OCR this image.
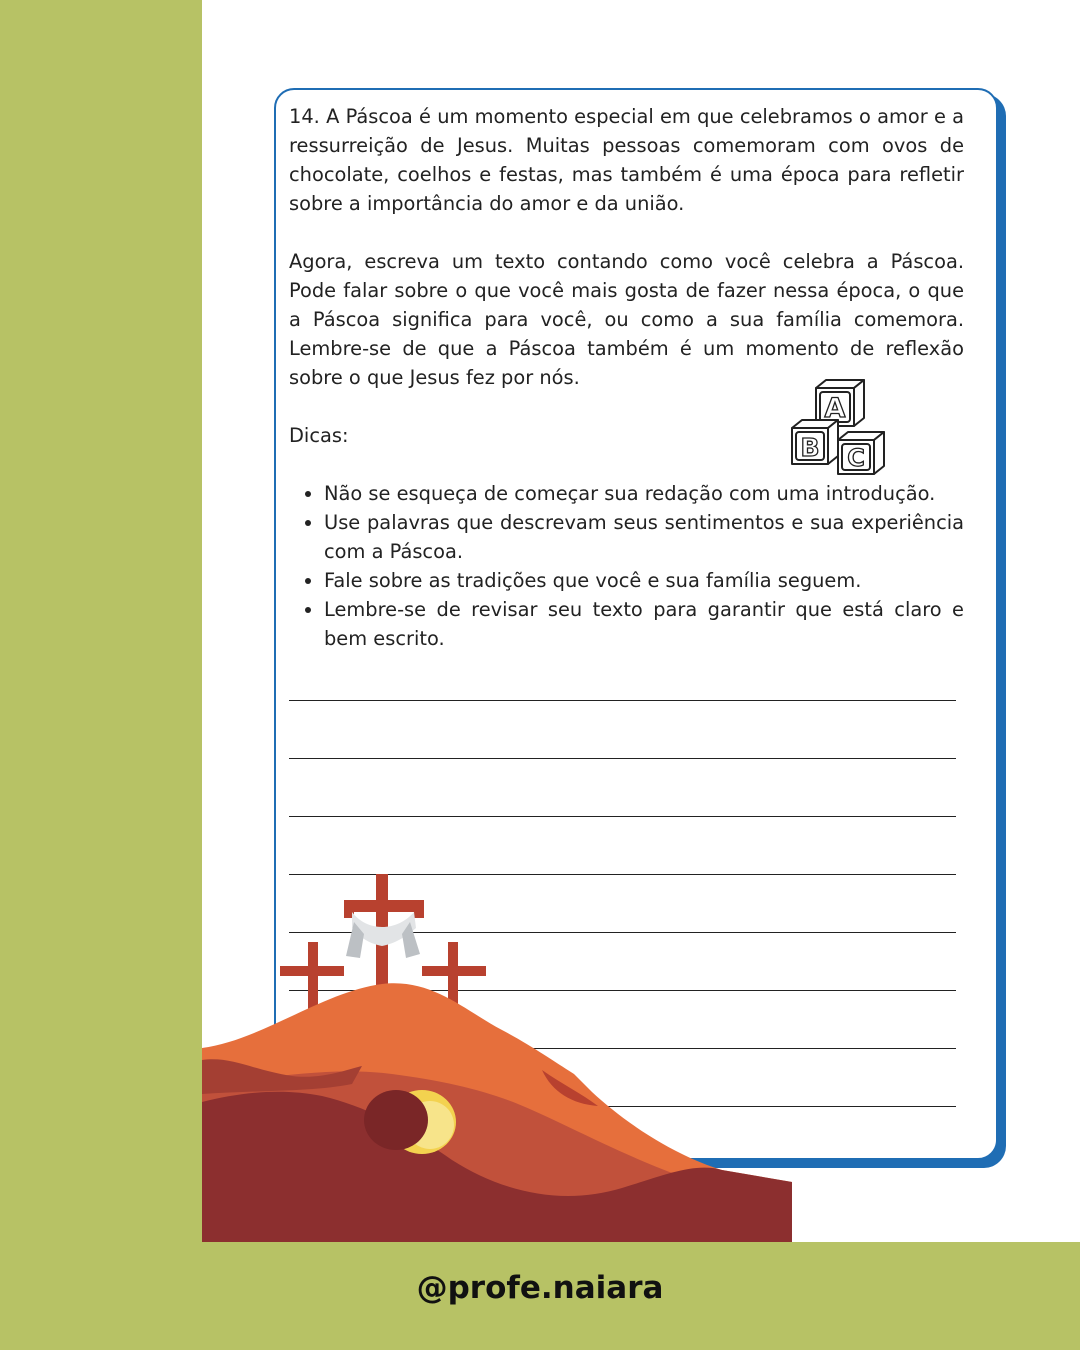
14. A Páscoa é um momento especial em que celebramos o amor e a ressurreição de Jesus. Muitas pessoas comemoram com ovos de chocolate, coelhos e festas, mas também é uma época para refletir sobre a importância do amor e da união.

Agora, escreva um texto contando como você celebra a Páscoa. Pode falar sobre o que você mais gosta de fazer nessa época, o que a Páscoa significa para você, ou como a sua família comemora. Lembre-se de que a Páscoa também é um momento de reflexão sobre o que Jesus fez por nós.

Dicas:

• Não se esqueça de começar sua redação com uma introdução.
• Use palavras que descrevam seus sentimentos e sua experiência com a Páscoa.
• Fale sobre as tradições que você e sua família seguem.
• Lembre-se de revisar seu texto para garantir que está claro e bem escrito.
A
B C
@profe.naiara
